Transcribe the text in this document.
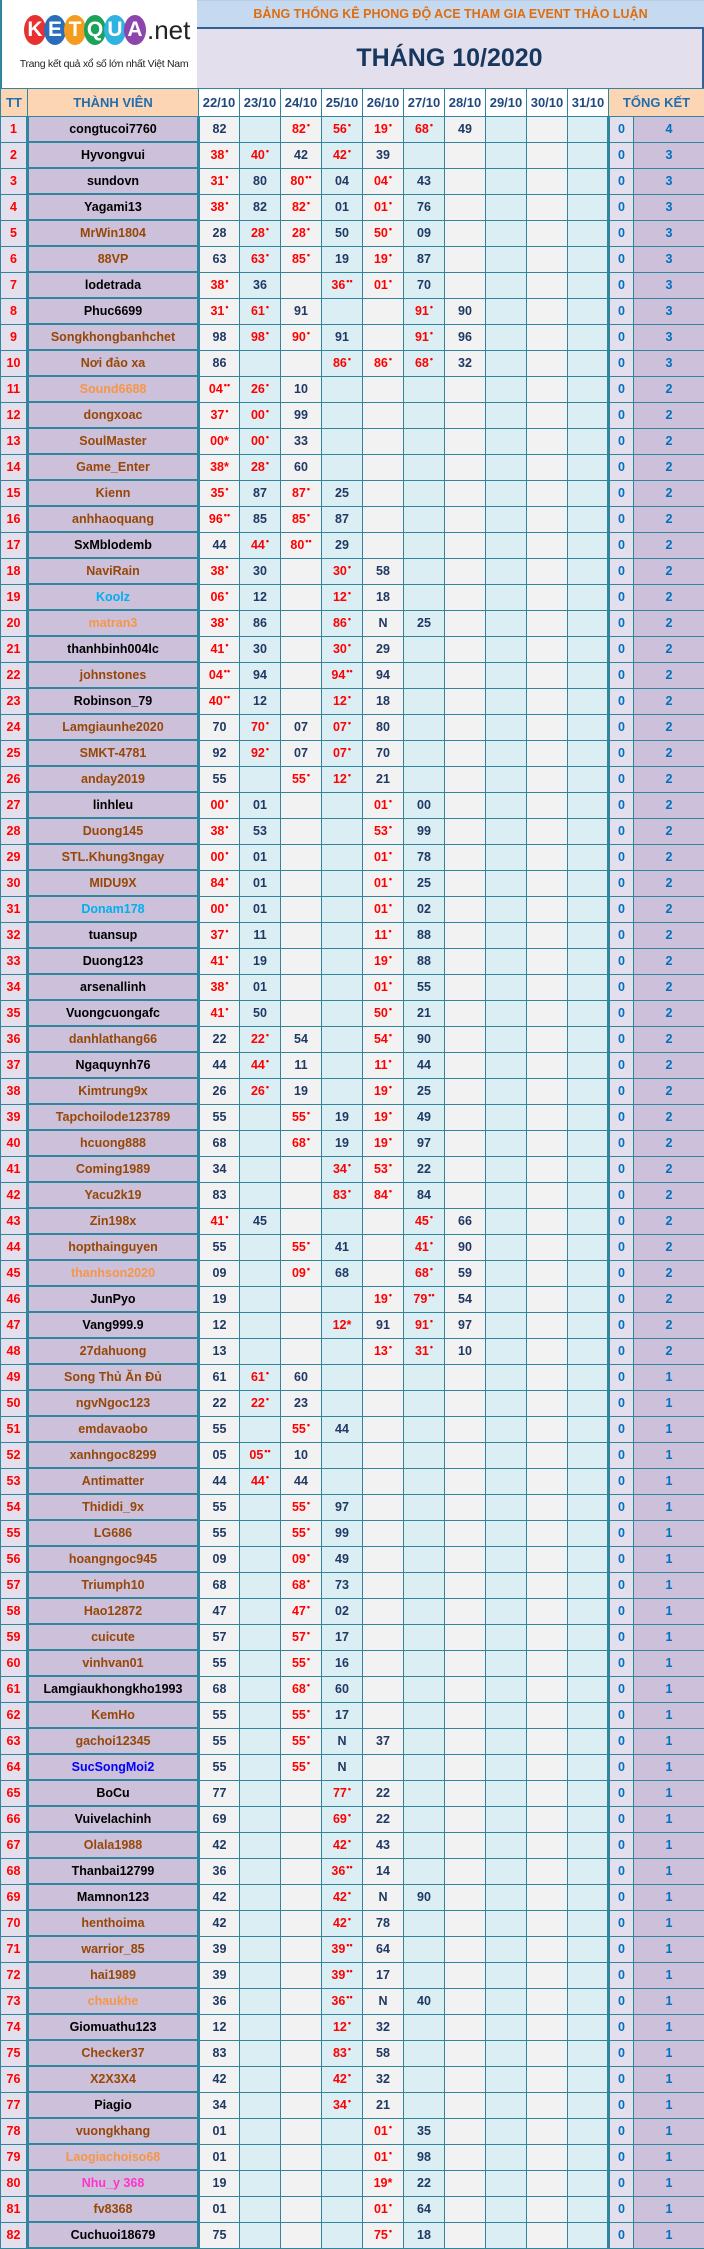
K E T Q U A .net
Trang kết quả xổ số lớn nhất Việt Nam
BẢNG THỐNG KÊ PHONG ĐỘ ACE THAM GIA EVENT THẢO LUẬN
THÁNG 10/2020
TT	THÀNH VIÊN	22/10	23/10	24/10	25/10	26/10	27/10	28/10	29/10	30/10	31/10	TỔNG KẾT
1	congtucoi7760	82		82•	56•	19•	68•	49				0	4
2	Hyvongvui	38•	40•	42	42•	39						0	3
3	sundovn	31•	80	80••	04	04•	43					0	3
4	Yagami13	38•	82	82•	01	01•	76					0	3
5	MrWin1804	28	28•	28•	50	50•	09					0	3
6	88VP	63	63•	85•	19	19•	87					0	3
7	lodetrada	38•	36		36••	01•	70					0	3
8	Phuc6699	31•	61•	91			91•	90				0	3
9	Songkhongbanhchet	98	98•	90•	91		91•	96				0	3
10	Nơi đảo xa	86			86•	86•	68•	32				0	3
11	Sound6688	04••	26•	10								0	2
12	dongxoac	37•	00•	99								0	2
13	SoulMaster	00*	00•	33								0	2
14	Game_Enter	38*	28•	60								0	2
15	Kienn	35•	87	87•	25							0	2
16	anhhaoquang	96••	85	85•	87							0	2
17	SxMblodemb	44	44•	80••	29							0	2
18	NaviRain	38•	30		30•	58						0	2
19	Koolz	06•	12		12•	18						0	2
20	matran3	38•	86		86•	N	25					0	2
21	thanhbinh004lc	41•	30		30•	29						0	2
22	johnstones	04••	94		94••	94						0	2
23	Robinson_79	40••	12		12•	18						0	2
24	Lamgiaunhe2020	70	70•	07	07•	80						0	2
25	SMKT-4781	92	92•	07	07•	70						0	2
26	anday2019	55		55•	12•	21						0	2
27	linhleu	00•	01			01•	00					0	2
28	Duong145	38•	53			53•	99					0	2
29	STL.Khung3ngay	00•	01			01•	78					0	2
30	MIDU9X	84•	01			01•	25					0	2
31	Donam178	00•	01			01•	02					0	2
32	tuansup	37•	11			11•	88					0	2
33	Duong123	41•	19			19•	88					0	2
34	arsenallinh	38•	01			01•	55					0	2
35	Vuongcuongafc	41•	50			50•	21					0	2
36	danhlathang66	22	22•	54		54•	90					0	2
37	Ngaquynh76	44	44•	11		11•	44					0	2
38	Kimtrung9x	26	26•	19		19•	25					0	2
39	Tapchoilode123789	55		55•	19	19•	49					0	2
40	hcuong888	68		68•	19	19•	97					0	2
41	Coming1989	34			34•	53•	22					0	2
42	Yacu2k19	83			83•	84•	84					0	2
43	Zin198x	41•	45				45•	66				0	2
44	hopthainguyen	55		55•	41		41•	90				0	2
45	thanhson2020	09		09•	68		68•	59				0	2
46	JunPyo	19				19•	79••	54				0	2
47	Vang999.9	12			12*	91	91•	97				0	2
48	27dahuong	13				13•	31•	10				0	2
49	Song Thủ Ăn Đủ	61	61•	60								0	1
50	ngvNgoc123	22	22•	23								0	1
51	emdavaobo	55		55•	44							0	1
52	xanhngoc8299	05	05••	10								0	1
53	Antimatter	44	44•	44								0	1
54	Thididi_9x	55		55•	97							0	1
55	LG686	55		55•	99							0	1
56	hoangngoc945	09		09•	49							0	1
57	Triumph10	68		68•	73							0	1
58	Hao12872	47		47•	02							0	1
59	cuicute	57		57•	17							0	1
60	vinhvan01	55		55•	16							0	1
61	Lamgiaukhongkho1993	68		68•	60							0	1
62	KemHo	55		55•	17							0	1
63	gachoi12345	55		55•	N	37						0	1
64	SucSongMoi2	55		55•	N							0	1
65	BoCu	77			77•	22						0	1
66	Vuivelachinh	69			69•	22						0	1
67	Olala1988	42			42•	43						0	1
68	Thanbai12799	36			36••	14						0	1
69	Mamnon123	42			42•	N	90					0	1
70	henthoima	42			42•	78						0	1
71	warrior_85	39			39••	64						0	1
72	hai1989	39			39••	17						0	1
73	chaukhe	36			36••	N	40					0	1
74	Giomuathu123	12			12•	32						0	1
75	Checker37	83			83•	58						0	1
76	X2X3X4	42			42•	32						0	1
77	Piagio	34			34•	21						0	1
78	vuongkhang	01				01•	35					0	1
79	Laogiachoiso68	01				01•	98					0	1
80	Nhu_y 368	19				19*	22					0	1
81	fv8368	01				01•	64					0	1
82	Cuchuoi18679	75				75•	18					0	1
